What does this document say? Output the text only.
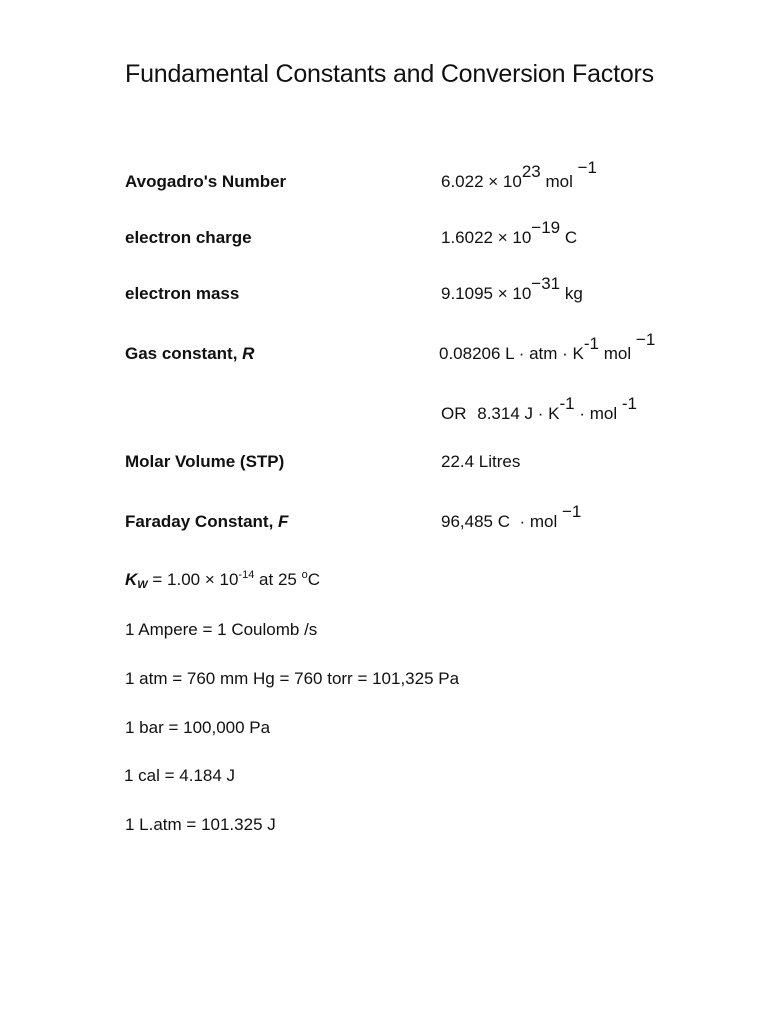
Fundamental Constants and Conversion Factors
Avogadro's Number	6.022 × 1023 mol −1
electron charge	1.6022 × 10−19 C
electron mass	9.1095 × 10−31 kg
Gas constant, R	0.08206 L · atm · K-1 mol −1
OR 8.314 J · K-1 · mol -1
Molar Volume (STP)	22.4 Litres
Faraday Constant, F	96,485 C  · mol −1
KW = 1.00 × 10-14 at 25 oC
1 Ampere = 1 Coulomb /s
1 atm = 760 mm Hg = 760 torr = 101,325 Pa
1 bar = 100,000 Pa
1 cal = 4.184 J
1 L.atm = 101.325 J
